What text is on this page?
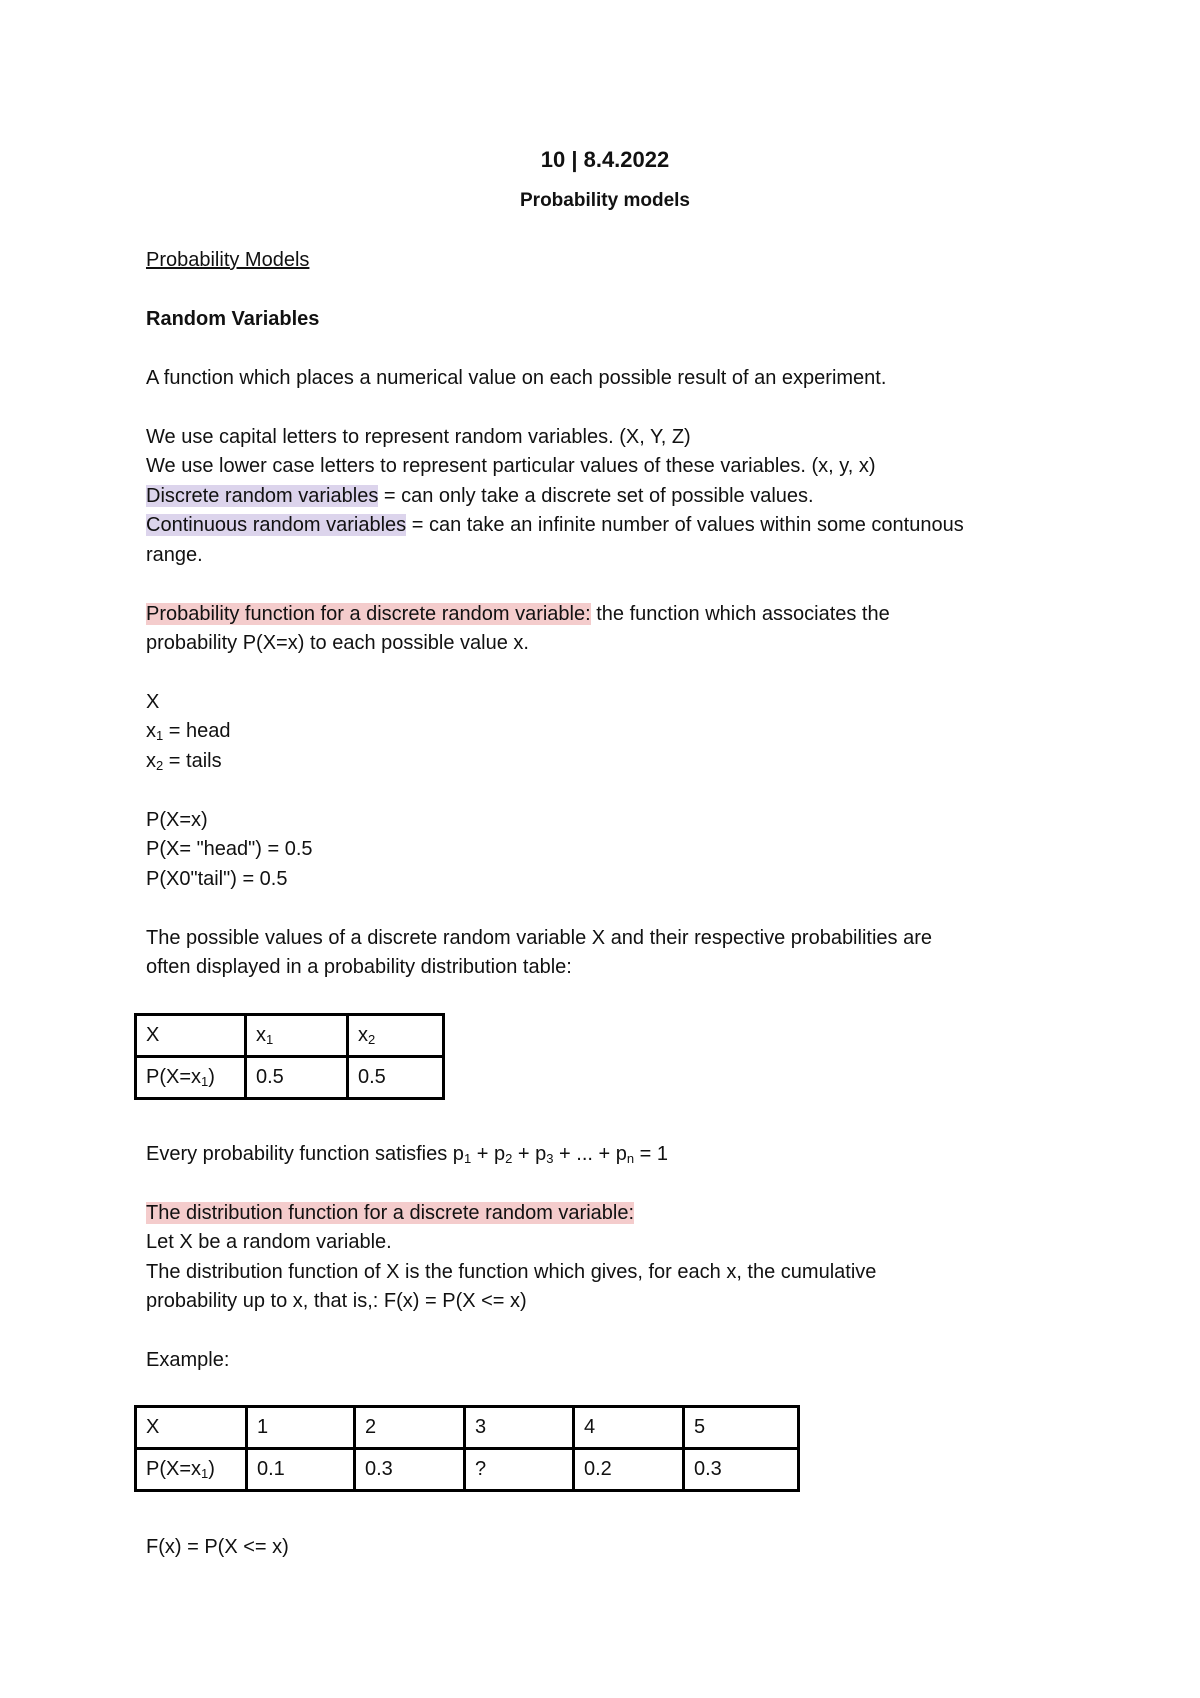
10 | 8.4.2022
Probability models
Probability Models
Random Variables
A function which places a numerical value on each possible result of an experiment.
We use capital letters to represent random variables. (X, Y, Z)
We use lower case letters to represent particular values of these variables. (x, y, x)
Discrete random variables = can only take a discrete set of possible values.
Continuous random variables = can take an infinite number of values within some contunous
range.
Probability function for a discrete random variable: the function which associates the
probability P(X=x) to each possible value x.
X
$x_1$ = head
$x_2$ = tails
P(X=x)
P(X= "head") = 0.5
P(X0"tail") = 0.5
The possible values of a discrete random variable X and their respective probabilities are
often displayed in a probability distribution table:
X	$x_1$	$x_2$
$P(X=x_1)$	0.5	0.5
Every probability function satisfies $p_1 + p_2 + p_3$ + ... + $p_n = 1$
The distribution function for a discrete random variable:
Let X be a random variable.
The distribution function of X is the function which gives, for each x, the cumulative
probability up to x, that is,: F(x) = P(X <= x)
Example:
X	1	2	3	4	5
$P(X=x_1)$	0.1	0.3	?	0.2	0.3
F(x) = P(X <= x)
